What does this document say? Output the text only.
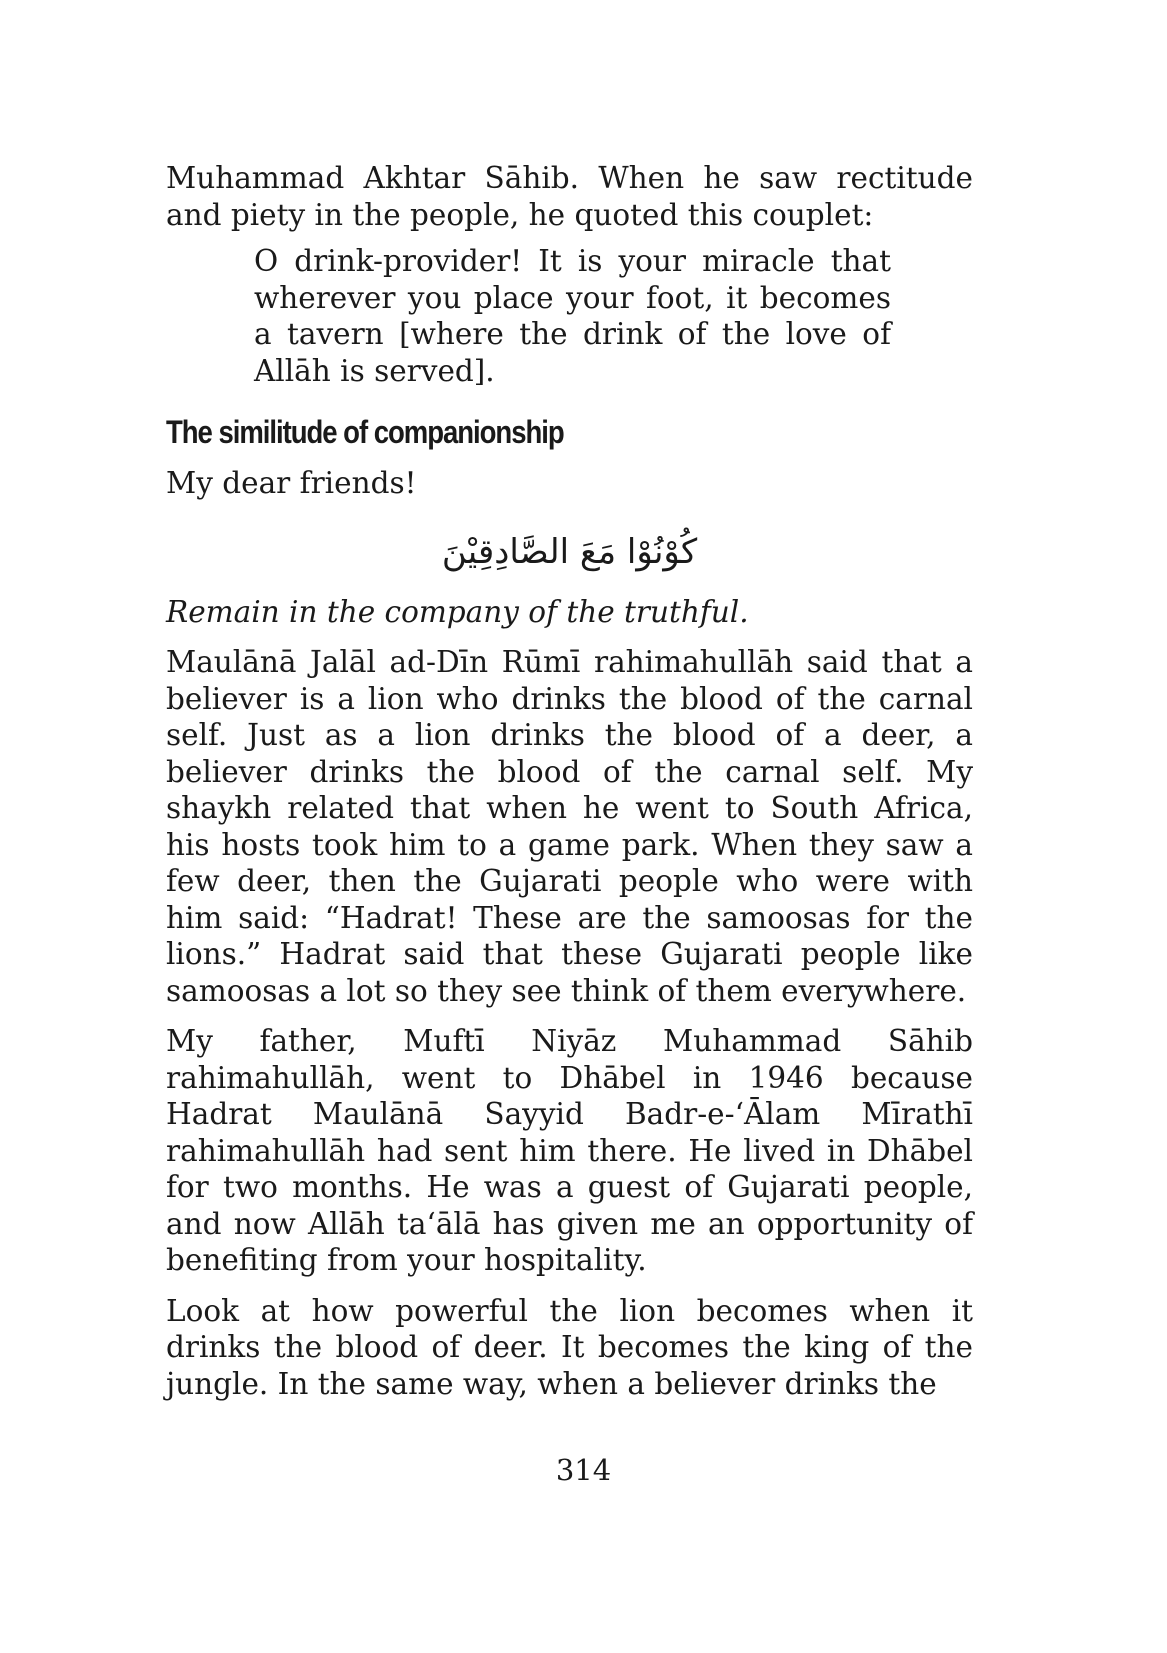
Muhammad Akhtar Sāhib. When he saw rectitude and piety in the people, he quoted this couplet:

O drink-provider! It is your miracle that wherever you place your foot, it becomes a tavern [where the drink of the love of Allāh is served].

The similitude of companionship

My dear friends!

كُوْنُوْا مَعَ الصَّادِقِيْنَ

Remain in the company of the truthful.

Maulānā Jalāl ad-Dīn Rūmī rahimahullāh said that a believer is a lion who drinks the blood of the carnal self. Just as a lion drinks the blood of a deer, a believer drinks the blood of the carnal self. My shaykh related that when he went to South Africa, his hosts took him to a game park. When they saw a few deer, then the Gujarati people who were with him said: “Hadrat! These are the samoosas for the lions.” Hadrat said that these Gujarati people like samoosas a lot so they see think of them everywhere.

My father, Muftī Niyāz Muhammad Sāhib rahimahullāh, went to Dhābel in 1946 because Hadrat Maulānā Sayyid Badr-e-‘Ālam Mīrathī rahimahullāh had sent him there. He lived in Dhābel for two months. He was a guest of Gujarati people, and now Allāh ta‘ālā has given me an opportunity of benefiting from your hospitality.

Look at how powerful the lion becomes when it drinks the blood of deer. It becomes the king of the jungle. In the same way, when a believer drinks the

314
